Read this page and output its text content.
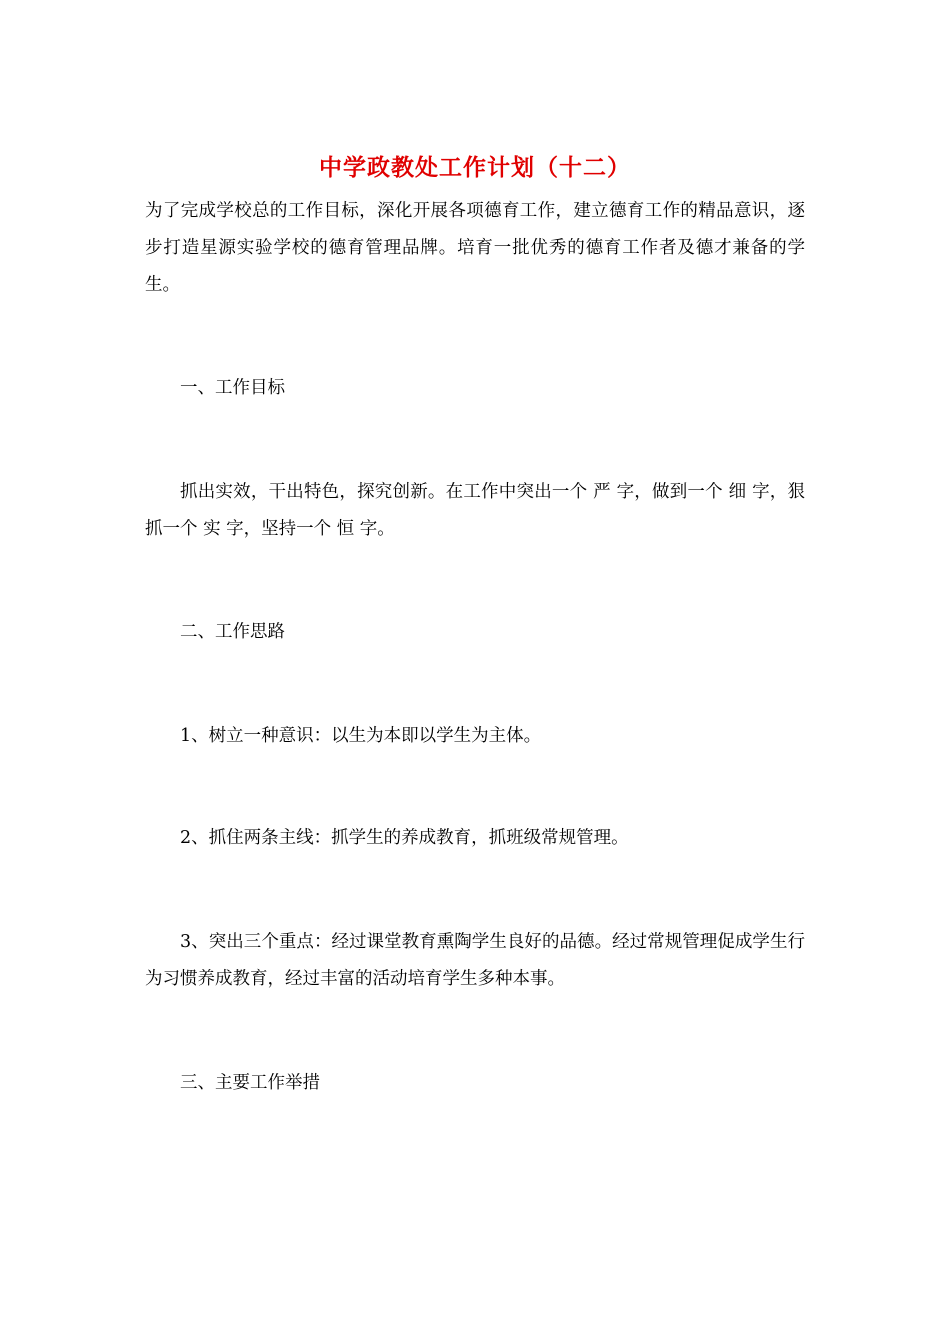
中学政教处工作计划（十二）

为了完成学校总的工作目标，深化开展各项德育工作，建立德育工作的精品意识，逐步打造星源实验学校的德育管理品牌。培育一批优秀的德育工作者及德才兼备的学生。

一、工作目标

抓出实效，干出特色，探究创新。在工作中突出一个 严 字，做到一个 细 字，狠抓一个 实 字，坚持一个 恒 字。

二、工作思路

1、树立一种意识：以生为本即以学生为主体。

2、抓住两条主线：抓学生的养成教育，抓班级常规管理。

3、突出三个重点：经过课堂教育熏陶学生良好的品德。经过常规管理促成学生行为习惯养成教育，经过丰富的活动培育学生多种本事。

三、主要工作举措
